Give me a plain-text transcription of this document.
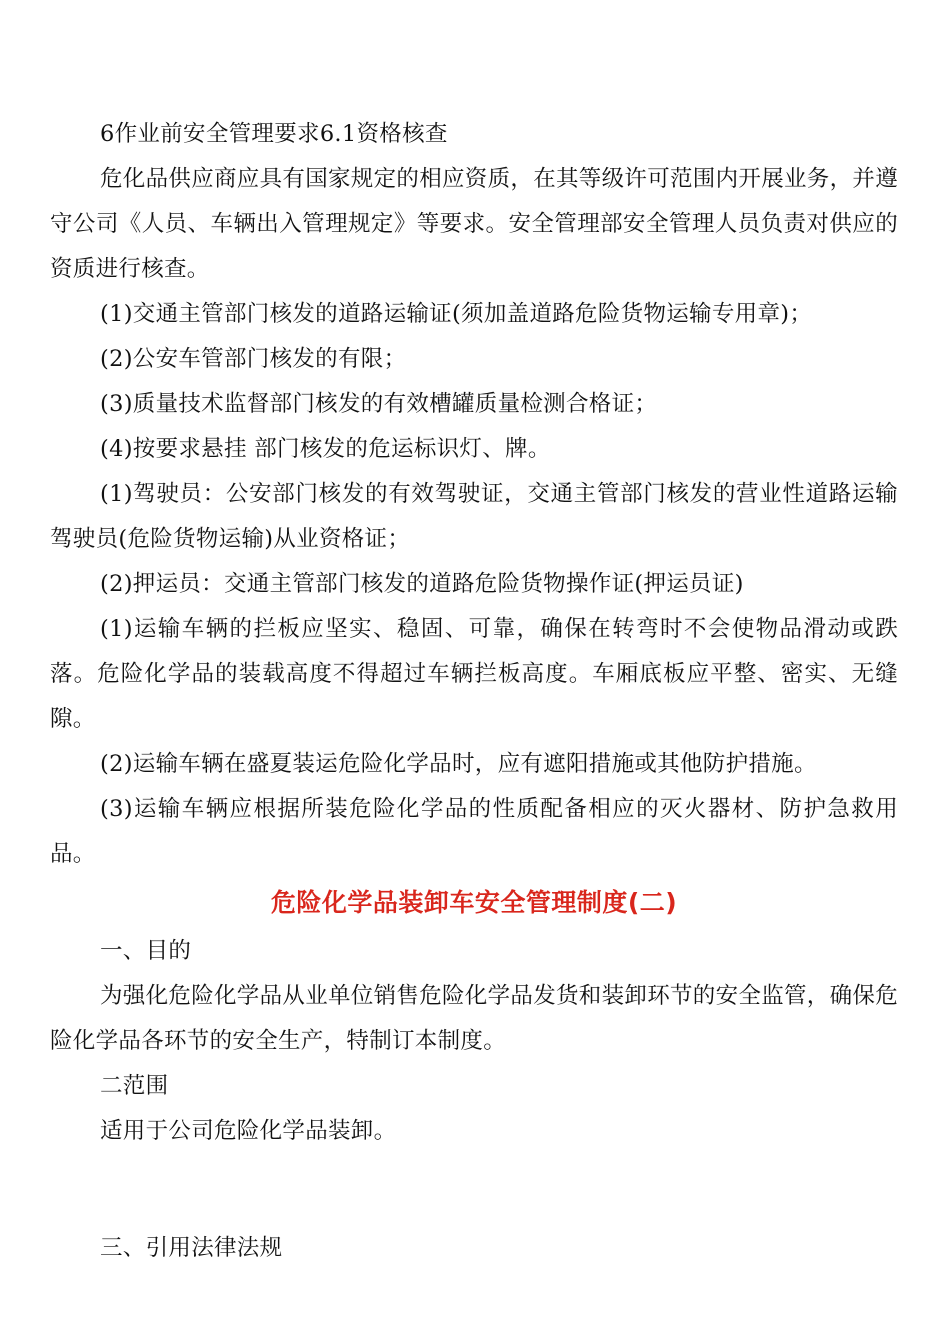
6作业前安全管理要求6.1资格核查

危化品供应商应具有国家规定的相应资质，在其等级许可范围内开展业务，并遵守公司《人员、车辆出入管理规定》等要求。安全管理部安全管理人员负责对供应的资质进行核查。

(1)交通主管部门核发的道路运输证(须加盖道路危险货物运输专用章)；

(2)公安车管部门核发的有限；

(3)质量技术监督部门核发的有效槽罐质量检测合格证；

(4)按要求悬挂 部门核发的危运标识灯、牌。

(1)驾驶员：公安部门核发的有效驾驶证，交通主管部门核发的营业性道路运输驾驶员(危险货物运输)从业资格证；

(2)押运员：交通主管部门核发的道路危险货物操作证(押运员证)

(1)运输车辆的拦板应坚实、稳固、可靠，确保在转弯时不会使物品滑动或跌落。危险化学品的装载高度不得超过车辆拦板高度。车厢底板应平整、密实、无缝隙。

(2)运输车辆在盛夏装运危险化学品时，应有遮阳措施或其他防护措施。

(3)运输车辆应根据所装危险化学品的性质配备相应的灭火器材、防护急救用品。

危险化学品装卸车安全管理制度(二)

一、目的

为强化危险化学品从业单位销售危险化学品发货和装卸环节的安全监管，确保危险化学品各环节的安全生产，特制订本制度。

二范围

适用于公司危险化学品装卸。

三、引用法律法规
